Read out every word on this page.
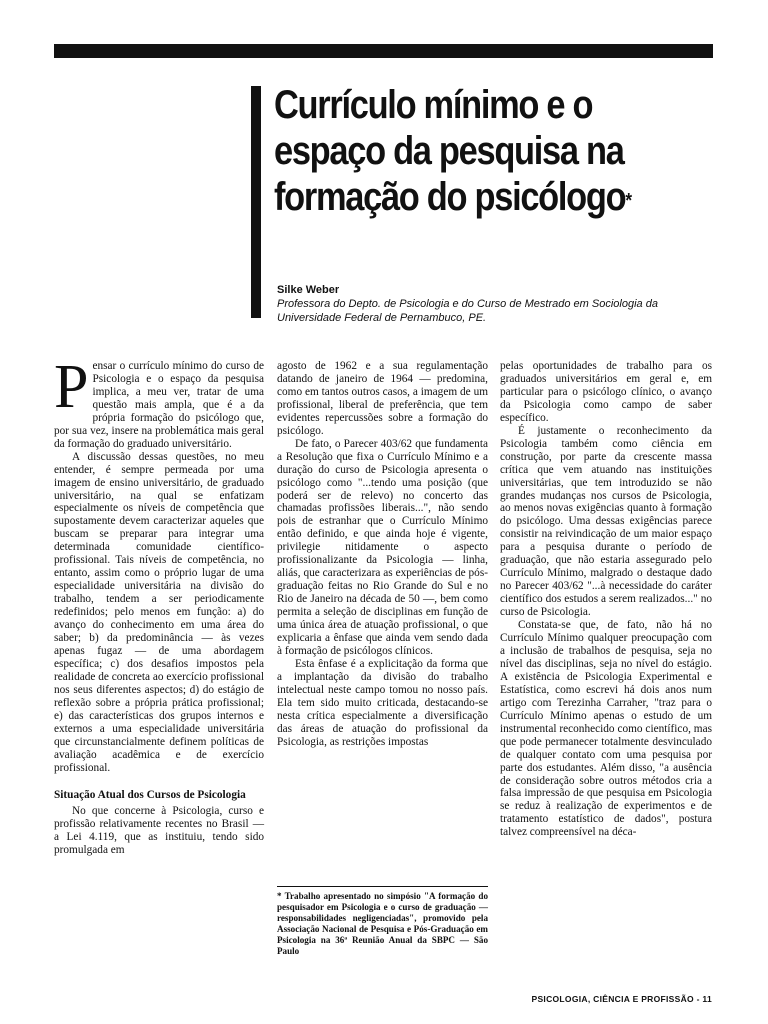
Currículo mínimo e o espaço da pesquisa na formação do psicólogo*
Silke Weber
Professora do Depto. de Psicologia e do Curso de Mestrado em Sociologia da Universidade Federal de Pernambuco, PE.

Pensar o currículo mínimo do curso de Psicologia e o espaço da pesquisa implica, a meu ver, tratar de uma questão mais ampla, que é a da própria formação do psicólogo que, por sua vez, insere na problemática mais geral da formação do graduado universitário.

A discussão dessas questões, no meu entender, é sempre permeada por uma imagem de ensino universitário, de graduado universitário, na qual se enfatizam especialmente os níveis de competência que supostamente devem caracterizar aqueles que buscam se preparar para integrar uma determinada comunidade científico-profissional. Tais níveis de competência, no entanto, assim como o próprio lugar de uma especialidade universitária na divisão do trabalho, tendem a ser periodicamente redefinidos; pelo menos em função: a) do avanço do conhecimento em uma área do saber; b) da predominância — às vezes apenas fugaz — de uma abordagem específica; c) dos desafios impostos pela realidade de concreta ao exercício profissional nos seus diferentes aspectos; d) do estágio de reflexão sobre a própria prática profissional; e) das características dos grupos internos e externos a uma especialidade universitária que circunstancialmente definem políticas de avaliação acadêmica e de exercício profissional.

Situação Atual dos Cursos de Psicologia

No que concerne à Psicologia, curso e profissão relativamente recentes no Brasil — a Lei 4.119, que as instituiu, tendo sido promulgada em

agosto de 1962 e a sua regulamentação datando de janeiro de 1964 — predomina, como em tantos outros casos, a imagem de um profissional, liberal de preferência, que tem evidentes repercussões sobre a formação do psicólogo.

De fato, o Parecer 403/62 que fundamenta a Resolução que fixa o Currículo Mínimo e a duração do curso de Psicologia apresenta o psicólogo como "...tendo uma posição (que poderá ser de relevo) no concerto das chamadas profissões liberais...", não sendo pois de estranhar que o Currículo Mínimo então definido, e que ainda hoje é vigente, privilegie nitidamente o aspecto profissionalizante da Psicologia — linha, aliás, que caracterizara as experiências de pós-graduação feitas no Rio Grande do Sul e no Rio de Janeiro na década de 50 —, bem como permita a seleção de disciplinas em função de uma única área de atuação profissional, o que explicaria a ênfase que ainda vem sendo dada à formação de psicólogos clínicos.

Esta ênfase é a explicitação da forma que a implantação da divisão do trabalho intelectual neste campo tomou no nosso país. Ela tem sido muito criticada, destacando-se nesta crítica especialmente a diversificação das áreas de atuação do profissional da Psicologia, as restrições impostas

pelas oportunidades de trabalho para os graduados universitários em geral e, em particular para o psicólogo clínico, o avanço da Psicologia como campo de saber específico.

É justamente o reconhecimento da Psicologia também como ciência em construção, por parte da crescente massa crítica que vem atuando nas instituições universitárias, que tem introduzido se não grandes mudanças nos cursos de Psicologia, ao menos novas exigências quanto à formação do psicólogo. Uma dessas exigências parece consistir na reivindicação de um maior espaço para a pesquisa durante o período de graduação, que não estaria assegurado pelo Currículo Mínimo, malgrado o destaque dado no Parecer 403/62 "...à necessidade do caráter científico dos estudos a serem realizados..." no curso de Psicologia.

Constata-se que, de fato, não há no Currículo Mínimo qualquer preocupação com a inclusão de trabalhos de pesquisa, seja no nível das disciplinas, seja no nível do estágio. A existência de Psicologia Experimental e Estatística, como escrevi há dois anos num artigo com Terezinha Carraher, "traz para o Currículo Mínimo apenas o estudo de um instrumental reconhecido como científico, mas que pode permanecer totalmente desvinculado de qualquer contato com uma pesquisa por parte dos estudantes. Além disso, "a ausência de consideração sobre outros métodos cria a falsa impressão de que pesquisa em Psicologia se reduz à realização de experimentos e de tratamento estatístico de dados", postura talvez compreensível na déca-

* Trabalho apresentado no simpósio "A formação do pesquisador em Psicologia e o curso de graduação — responsabilidades negligenciadas", promovido pela Associação Nacional de Pesquisa e Pós-Graduação em Psicologia na 36ª Reunião Anual da SBPC — São Paulo
PSICOLOGIA, CIÊNCIA E PROFISSÃO - 11
